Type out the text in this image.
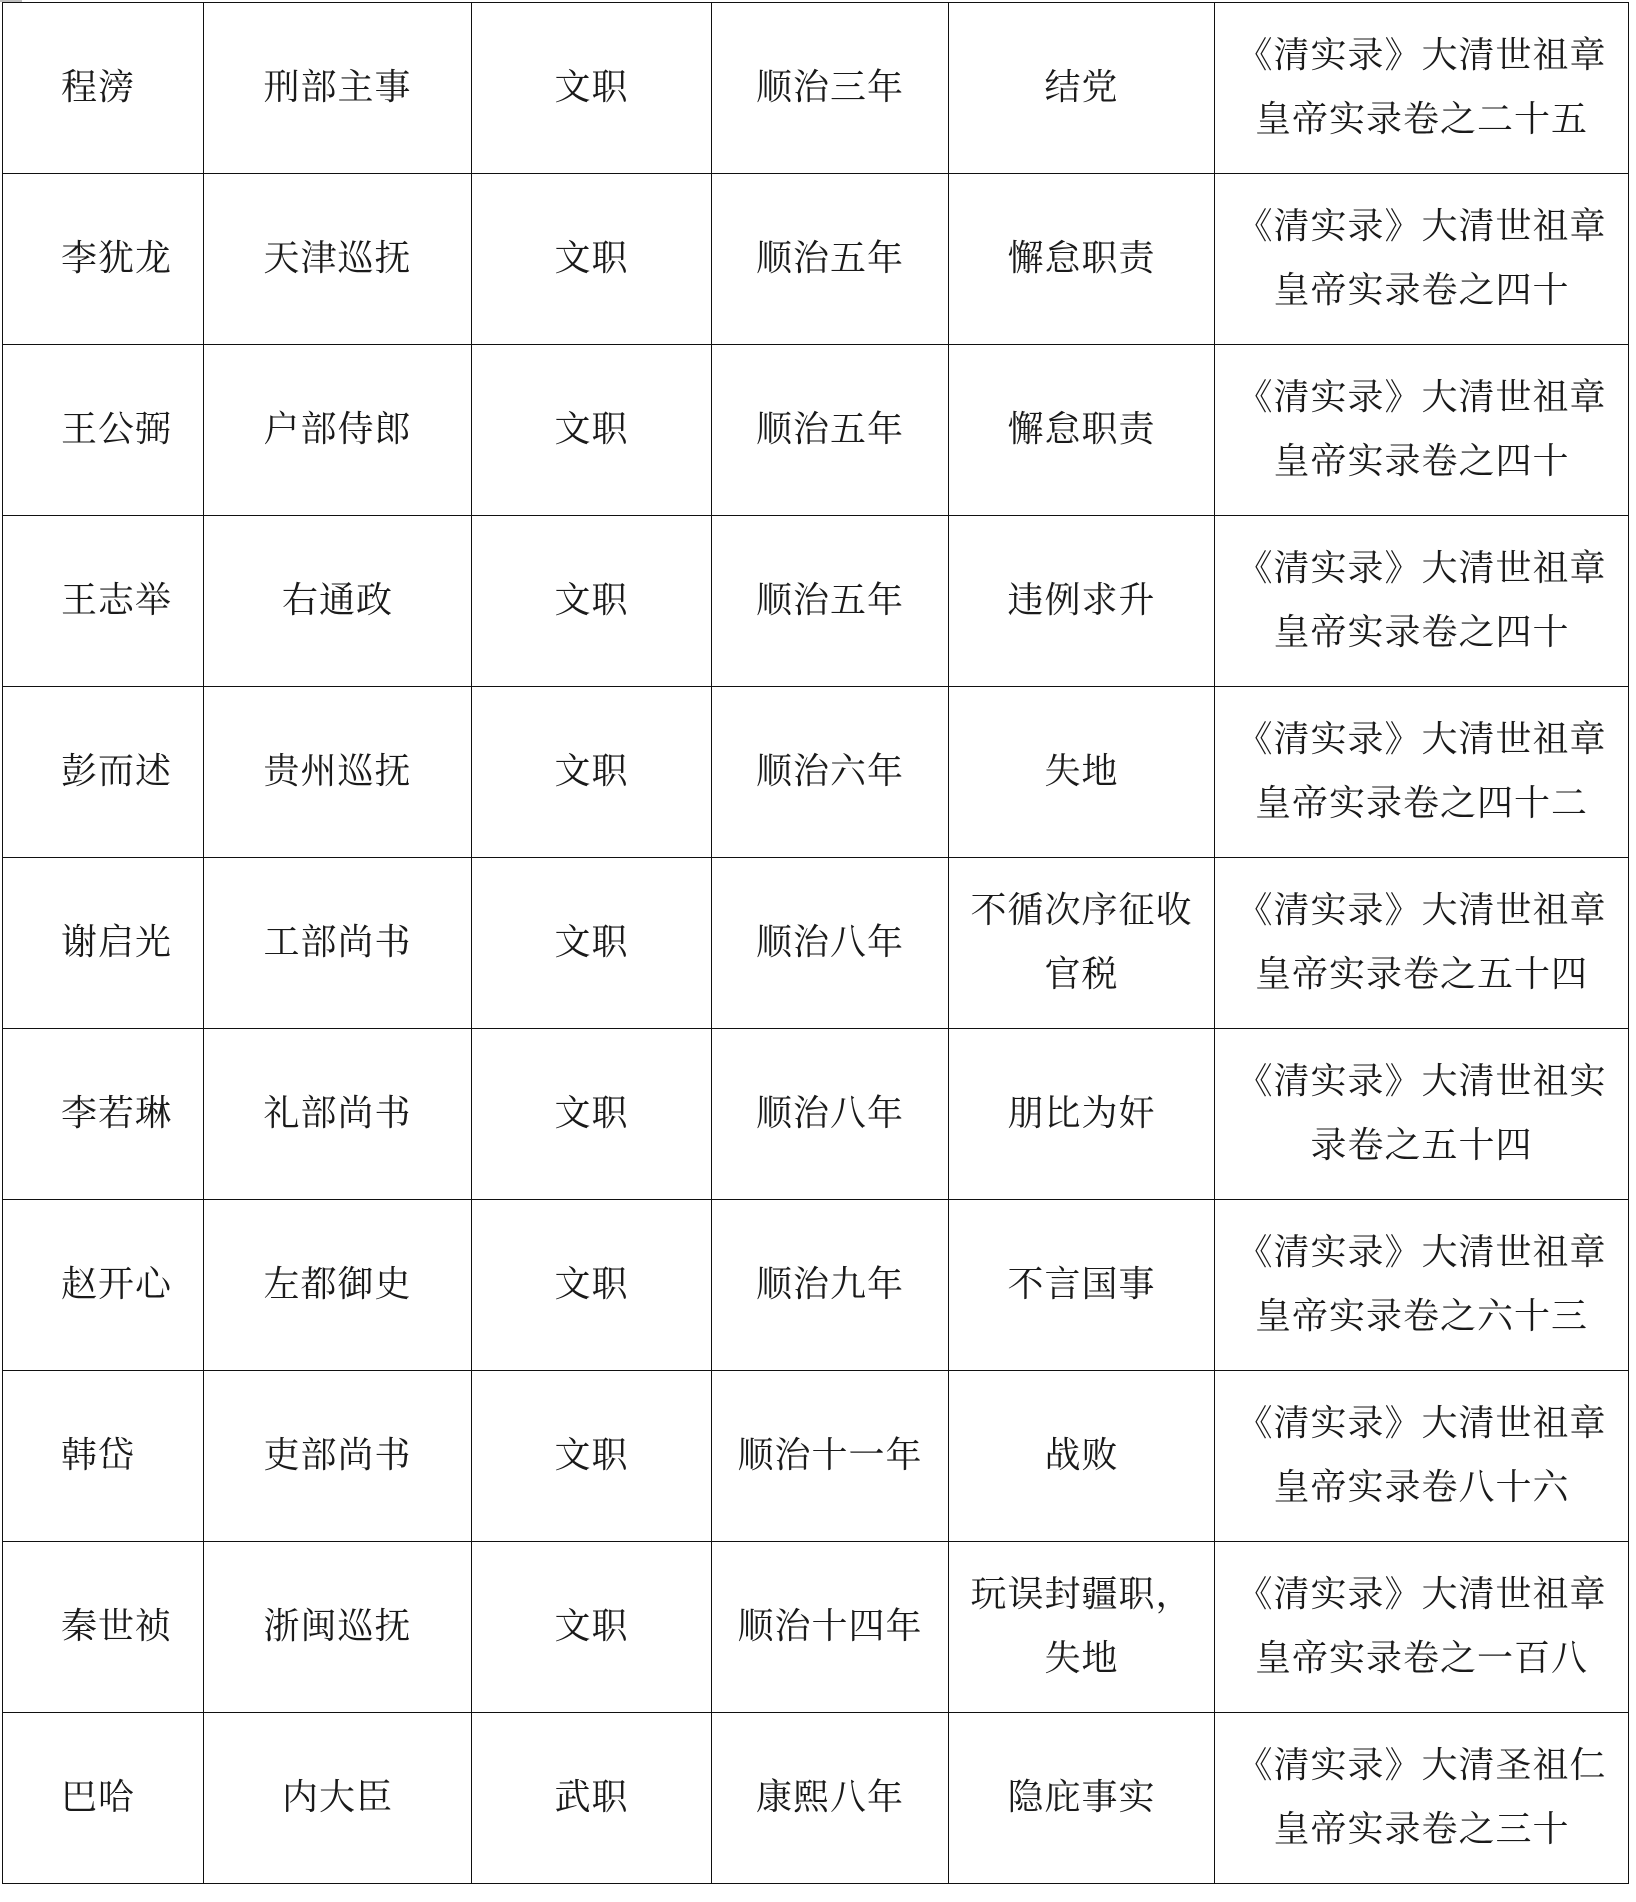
程滂	刑部主事	文职	顺治三年	结党	《清实录》大清世祖章皇帝实录卷之二十五
李犹龙	天津巡抚	文职	顺治五年	懈怠职责	《清实录》大清世祖章皇帝实录卷之四十
王公弼	户部侍郎	文职	顺治五年	懈怠职责	《清实录》大清世祖章皇帝实录卷之四十
王志举	右通政	文职	顺治五年	违例求升	《清实录》大清世祖章皇帝实录卷之四十
彭而述	贵州巡抚	文职	顺治六年	失地	《清实录》大清世祖章皇帝实录卷之四十二
谢启光	工部尚书	文职	顺治八年	不循次序征收官税	《清实录》大清世祖章皇帝实录卷之五十四
李若琳	礼部尚书	文职	顺治八年	朋比为奸	《清实录》大清世祖实录卷之五十四
赵开心	左都御史	文职	顺治九年	不言国事	《清实录》大清世祖章皇帝实录卷之六十三
韩岱	吏部尚书	文职	顺治十一年	战败	《清实录》大清世祖章皇帝实录卷八十六
秦世祯	浙闽巡抚	文职	顺治十四年	玩误封疆职，失地	《清实录》大清世祖章皇帝实录卷之一百八
巴哈	内大臣	武职	康熙八年	隐庇事实	《清实录》大清圣祖仁皇帝实录卷之三十
